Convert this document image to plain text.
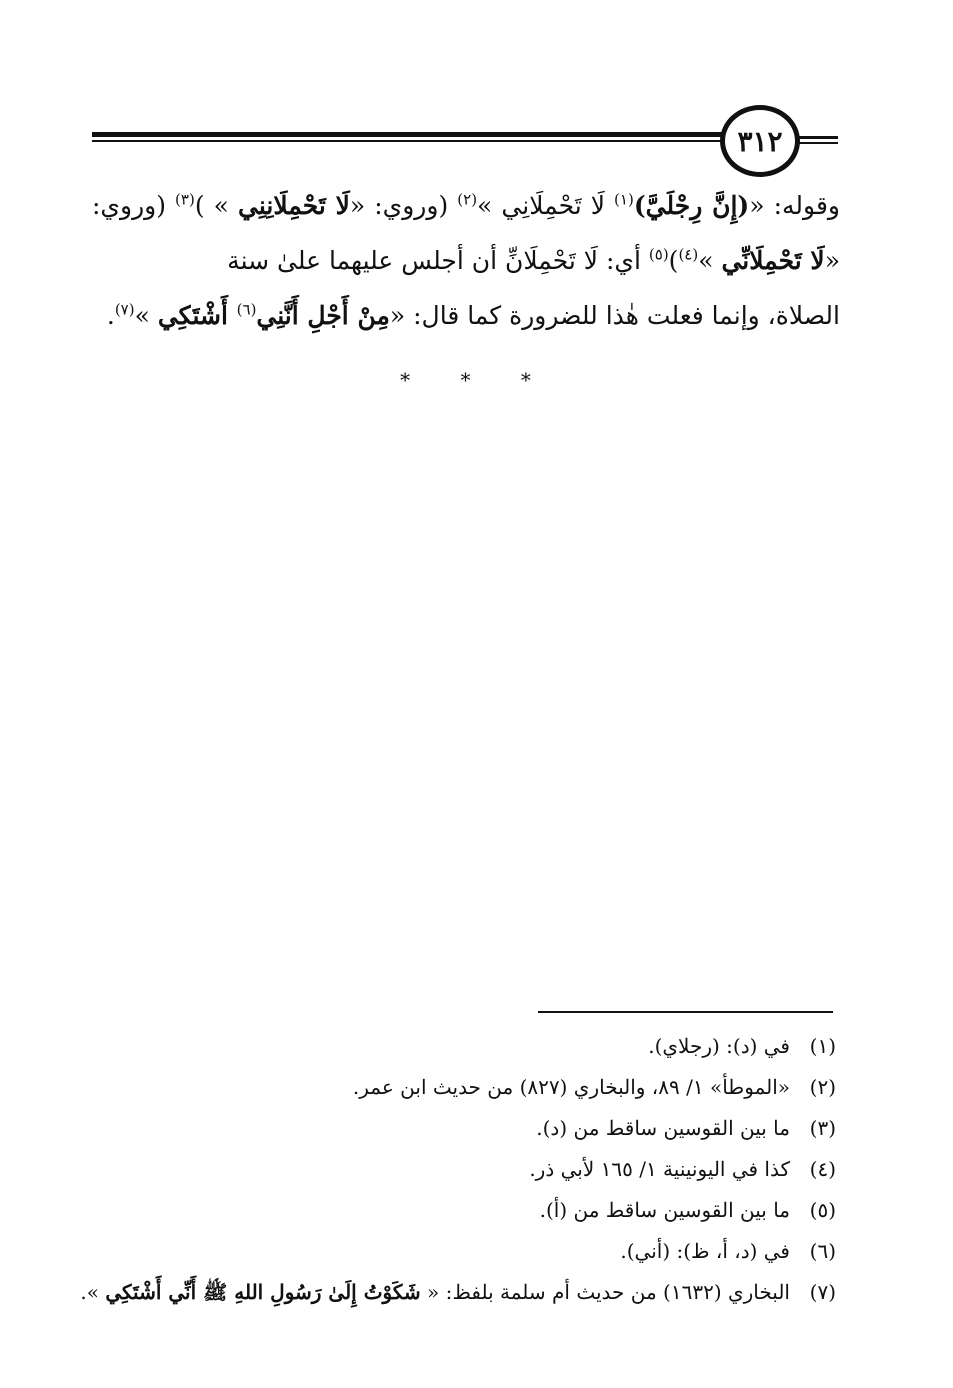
٣١٢
وقوله: «(إِنَّ رِجْلَيَّ)$^{(١)}$ لَا تَحْمِلَانِي »$^{(٢)}$ (وروي: «لَا تَحْمِلَانِنِي » )$^{(٣)}$ (وروي: «لَا تَحْمِلَانِّي »$^{(٤)}$)$^{(٥)}$ أي: لَا تَحْمِلَانِّ أن أجلس عليهما علىٰ سنة
الصلاة، وإنما فعلت هٰذا للضرورة كما قال: «مِنْ أَجْلِ أَنَّنِي$^{(٦)}$ أَشْتَكِي »$^{(٧)}$.
* * *
(١)
في (د): (رجلاي).
(٢)
«الموطأ» ١/ ٨٩، والبخاري (٨٢٧) من حديث ابن عمر.
(٣)
ما بين القوسين ساقط من (د).
(٤)
كذا في اليونينية ١/ ١٦٥ لأبي ذر.
(٥)
ما بين القوسين ساقط من (أ).
(٦)
في (د، أ، ظ): (أني).
(٧)
البخاري (١٦٣٢) من حديث أم سلمة بلفظ: « شَكَوْتُ إِلَىٰ رَسُولِ اللهِ ﷺ أَنِّي أَشْتَكِي ».
